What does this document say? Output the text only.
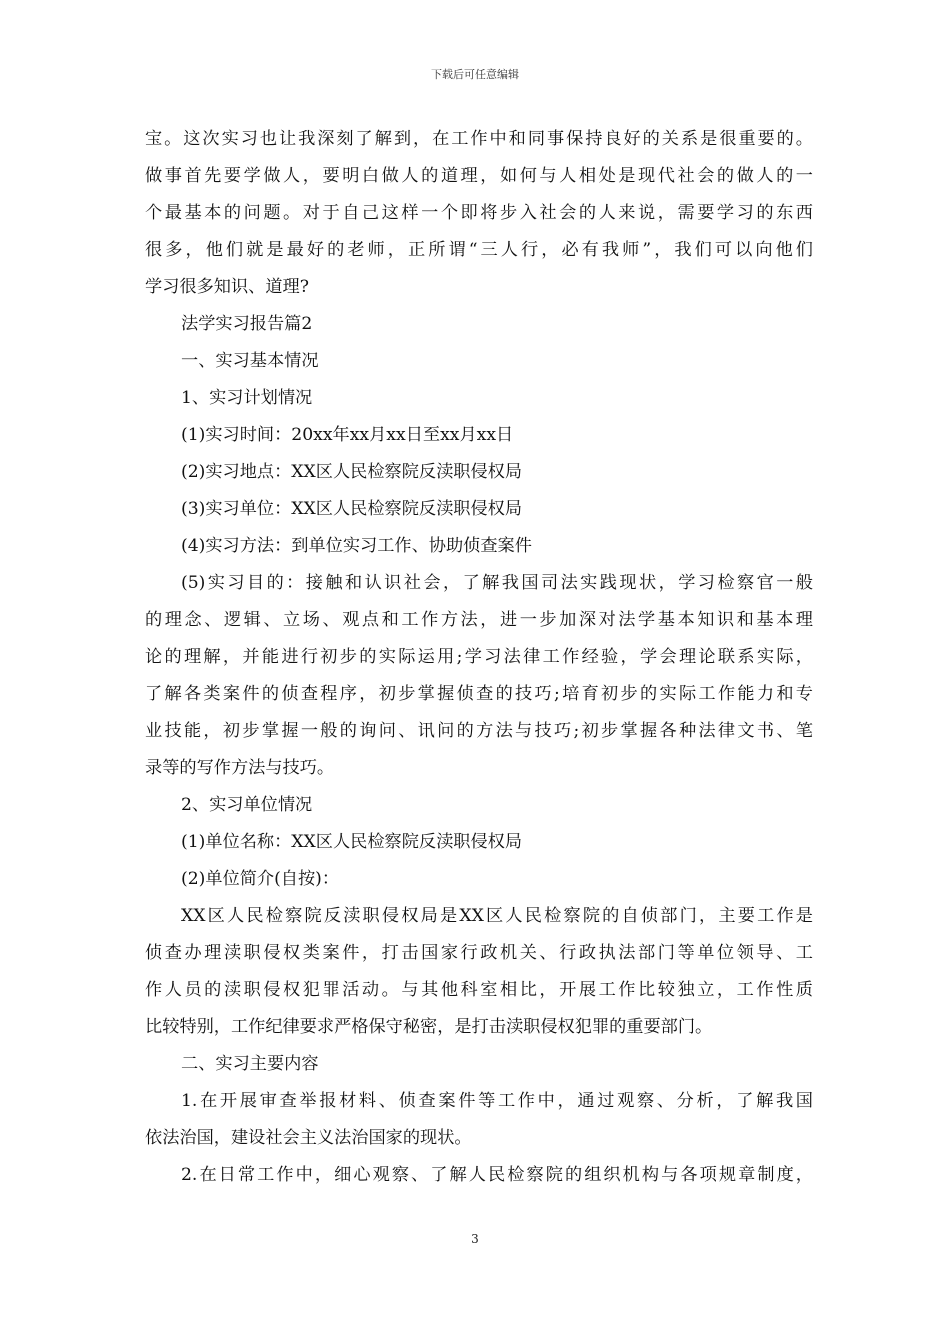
下载后可任意编辑
宝。这次实习也让我深刻了解到，在工作中和同事保持良好的关系是很重要的。
做事首先要学做人，要明白做人的道理，如何与人相处是现代社会的做人的一
个最基本的问题。对于自己这样一个即将步入社会的人来说，需要学习的东西
很多，他们就是最好的老师，正所谓“三人行，必有我师”，我们可以向他们
学习很多知识、道理?
法学实习报告篇2
一、实习基本情况
1、实习计划情况
(1)实习时间：20xx年xx月xx日至xx月xx日
(2)实习地点：XX区人民检察院反渎职侵权局
(3)实习单位：XX区人民检察院反渎职侵权局
(4)实习方法：到单位实习工作、协助侦查案件
(5)实习目的：接触和认识社会，了解我国司法实践现状，学习检察官一般
的理念、逻辑、立场、观点和工作方法，进一步加深对法学基本知识和基本理
论的理解，并能进行初步的实际运用;学习法律工作经验，学会理论联系实际，
了解各类案件的侦查程序，初步掌握侦查的技巧;培育初步的实际工作能力和专
业技能，初步掌握一般的询问、讯问的方法与技巧;初步掌握各种法律文书、笔
录等的写作方法与技巧。
2、实习单位情况
(1)单位名称：XX区人民检察院反渎职侵权局
(2)单位简介(自按)：
XX区人民检察院反渎职侵权局是XX区人民检察院的自侦部门，主要工作是
侦查办理渎职侵权类案件，打击国家行政机关、行政执法部门等单位领导、工
作人员的渎职侵权犯罪活动。与其他科室相比，开展工作比较独立，工作性质
比较特别，工作纪律要求严格保守秘密，是打击渎职侵权犯罪的重要部门。
二、实习主要内容
1.在开展审查举报材料、侦查案件等工作中，通过观察、分析，了解我国
依法治国，建设社会主义法治国家的现状。
2.在日常工作中，细心观察、了解人民检察院的组织机构与各项规章制度，
3
